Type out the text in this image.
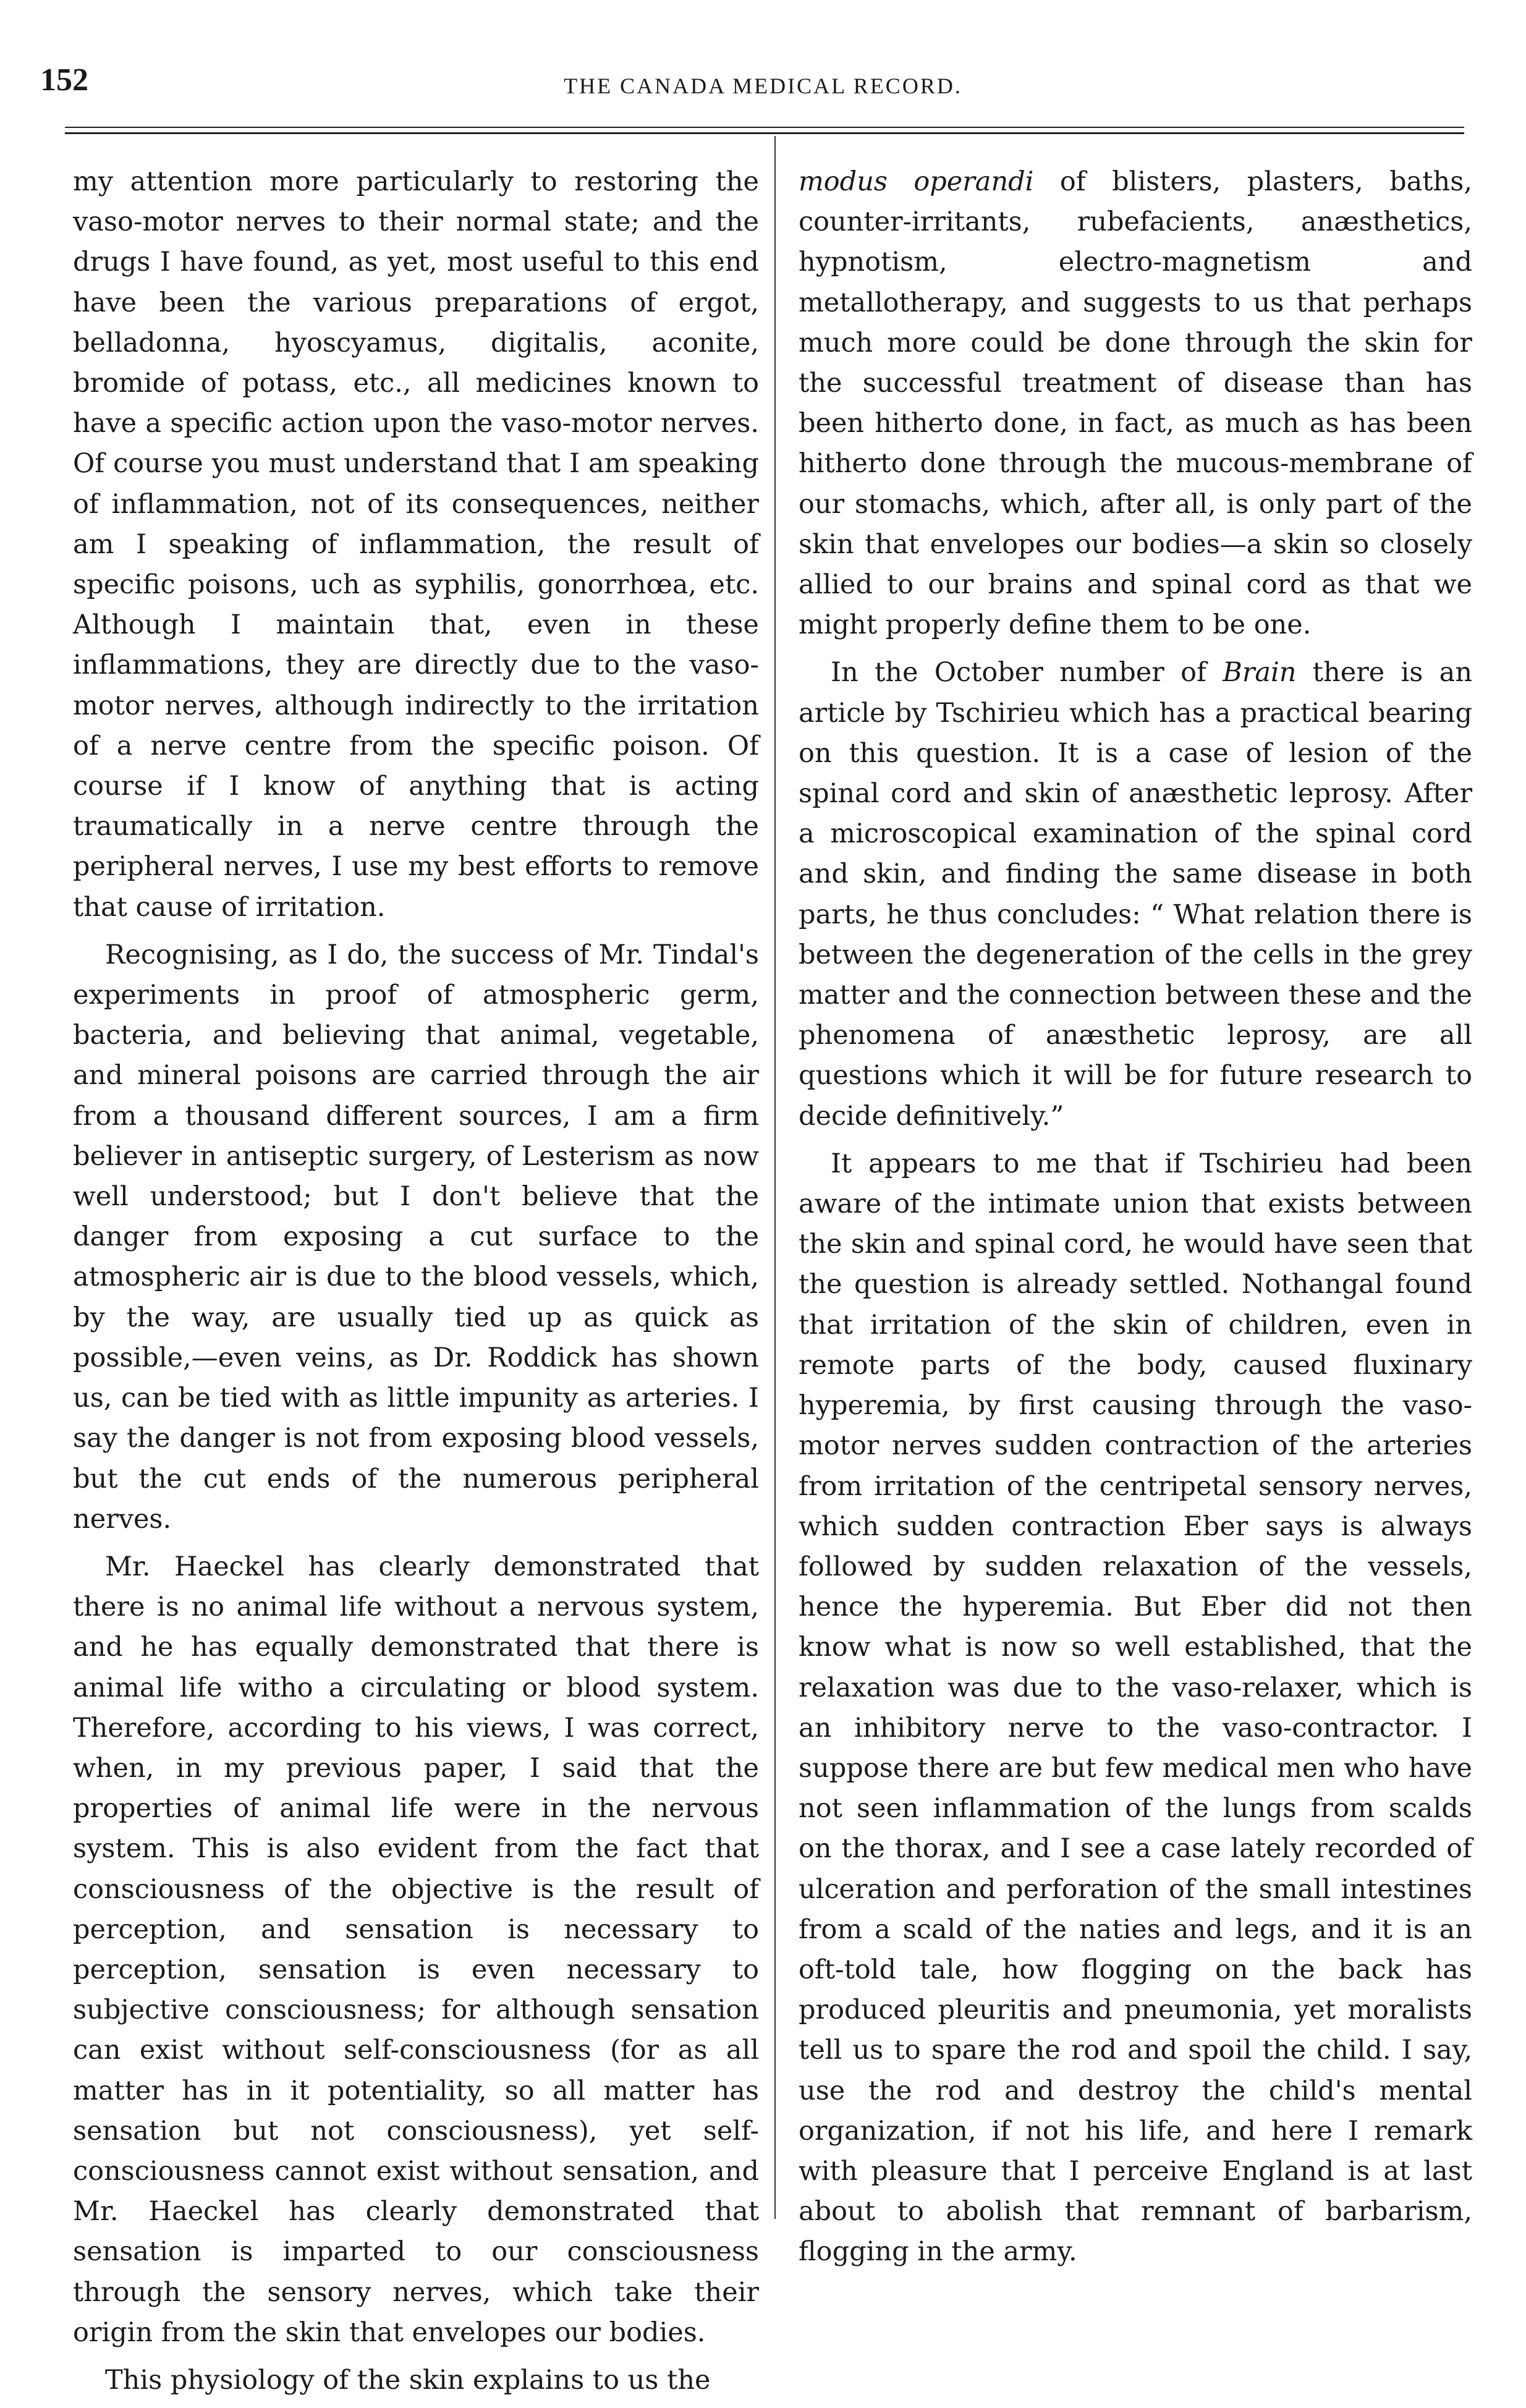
152	THE CANADA MEDICAL RECORD.

my attention more particularly to restoring the vaso-motor nerves to their normal state; and the drugs I have found, as yet, most useful to this end have been the various preparations of ergot, belladonna, hyoscyamus, digitalis, aconite, bromide of potass, etc., all medicines known to have a specific action upon the vaso-motor nerves. Of course you must understand that I am speaking of inflammation, not of its consequences, neither am I speaking of inflammation, the result of specific poisons, uch as syphilis, gonorrhœa, etc. Although I maintain that, even in these inflammations, they are directly due to the vaso-motor nerves, although indirectly to the irritation of a nerve centre from the specific poison. Of course if I know of anything that is acting traumatically in a nerve centre through the peripheral nerves, I use my best efforts to remove that cause of irritation.

Recognising, as I do, the success of Mr. Tindal's experiments in proof of atmospheric germ, bacteria, and believing that animal, vegetable, and mineral poisons are carried through the air from a thousand different sources, I am a firm believer in antiseptic surgery, of Lesterism as now well understood; but I don't believe that the danger from exposing a cut surface to the atmospheric air is due to the blood vessels, which, by the way, are usually tied up as quick as possible,—even veins, as Dr. Roddick has shown us, can be tied with as little impunity as arteries. I say the danger is not from exposing blood vessels, but the cut ends of the numerous peripheral nerves.

Mr. Haeckel has clearly demonstrated that there is no animal life without a nervous system, and he has equally demonstrated that there is animal life witho a circulating or blood system. Therefore, according to his views, I was correct, when, in my previous paper, I said that the properties of animal life were in the nervous system. This is also evident from the fact that consciousness of the objective is the result of perception, and sensation is necessary to perception, sensation is even necessary to subjective consciousness; for although sensation can exist without self-consciousness (for as all matter has in it potentiality, so all matter has sensation but not consciousness), yet self-consciousness cannot exist without sensation, and Mr. Haeckel has clearly demonstrated that sensation is imparted to our consciousness through the sensory nerves, which take their origin from the skin that envelopes our bodies.

This physiology of the skin explains to us the

modus operandi of blisters, plasters, baths, counter-irritants, rubefacients, anæsthetics, hypnotism, electro-magnetism and metallotherapy, and suggests to us that perhaps much more could be done through the skin for the successful treatment of disease than has been hitherto done, in fact, as much as has been hitherto done through the mucous-membrane of our stomachs, which, after all, is only part of the skin that envelopes our bodies—a skin so closely allied to our brains and spinal cord as that we might properly define them to be one.

In the October number of Brain there is an article by Tschirieu which has a practical bearing on this question. It is a case of lesion of the spinal cord and skin of anæsthetic leprosy. After a microscopical examination of the spinal cord and skin, and finding the same disease in both parts, he thus concludes: “ What relation there is between the degeneration of the cells in the grey matter and the connection between these and the phenomena of anæsthetic leprosy, are all questions which it will be for future research to decide definitively.”

It appears to me that if Tschirieu had been aware of the intimate union that exists between the skin and spinal cord, he would have seen that the question is already settled. Nothangal found that irritation of the skin of children, even in remote parts of the body, caused fluxinary hyperemia, by first causing through the vaso-motor nerves sudden contraction of the arteries from irritation of the centripetal sensory nerves, which sudden contraction Eber says is always followed by sudden relaxation of the vessels, hence the hyperemia. But Eber did not then know what is now so well established, that the relaxation was due to the vaso-relaxer, which is an inhibitory nerve to the vaso-contractor. I suppose there are but few medical men who have not seen inflammation of the lungs from scalds on the thorax, and I see a case lately recorded of ulceration and perforation of the small intestines from a scald of the naties and legs, and it is an oft-told tale, how flogging on the back has produced pleuritis and pneumonia, yet moralists tell us to spare the rod and spoil the child. I say, use the rod and destroy the child's mental organization, if not his life, and here I remark with pleasure that I perceive England is at last about to abolish that remnant of barbarism, flogging in the army.
